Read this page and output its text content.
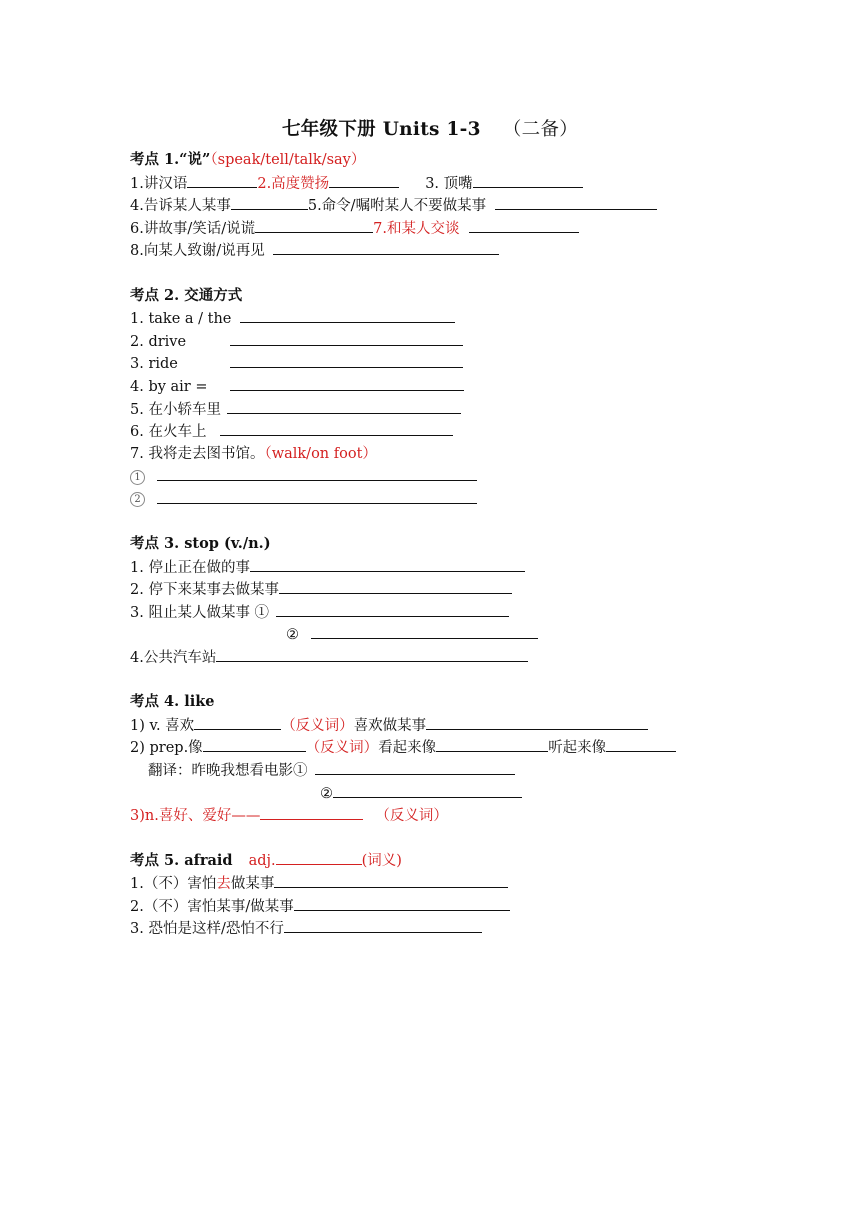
七年级下册 Units 1-3 （二备）
考点 1.“说”（speak/tell/talk/say）
1.讲汉语	2.高度赞扬	3. 顶嘴
4.告诉某人某事	5.命令/嘱咐某人不要做某事
6.讲故事/笑话/说谎	7.和某人交谈
8.向某人致谢/说再见
考点 2. 交通方式
1. take a / the
2. drive
3. ride
4. by air =
5. 在小轿车里
6. 在火车上
7. 我将走去图书馆。（walk/on foot）
1
2
考点 3. stop (v./n.)
1. 停止正在做的事
2. 停下来某事去做某事
3. 阻止某人做某事 ①
②
4.公共汽车站
考点 4. like
1) v. 喜欢	（反义词）喜欢做某事
2) prep.像	（反义词）看起来像	听起来像
翻译：昨晚我想看电影①
②
3)n.喜好、爱好——	（反义词）
考点 5. afraid adj.	(词义)
1.（不）害怕去做某事
2.（不）害怕某事/做某事
3. 恐怕是这样/恐怕不行
